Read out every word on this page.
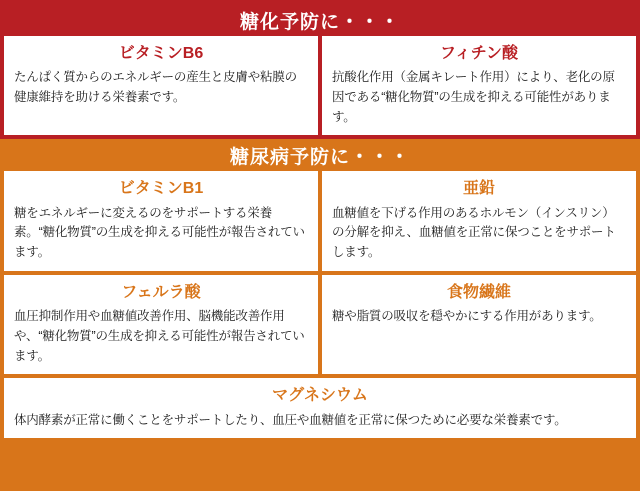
糖化予防に・・・
ビタミンB6
たんぱく質からのエネルギーの産生と皮膚や粘膜の健康維持を助ける栄養素です。
フィチン酸
抗酸化作用（金属キレート作用）により、老化の原因である“糖化物質”の生成を抑える可能性があります。
糖尿病予防に・・・
ビタミンB1
糖をエネルギーに変えるのをサポートする栄養素。“糖化物質”の生成を抑える可能性が報告されています。
亜鉛
血糖値を下げる作用のあるホルモン（インスリン）の分解を抑え、血糖値を正常に保つことをサポートします。
フェルラ酸
血圧抑制作用や血糖値改善作用、脳機能改善作用や、“糖化物質”の生成を抑える可能性が報告されています。
食物繊維
糖や脂質の吸収を穏やかにする作用があります。
マグネシウム
体内酵素が正常に働くことをサポートしたり、血圧や血糖値を正常に保つために必要な栄養素です。
